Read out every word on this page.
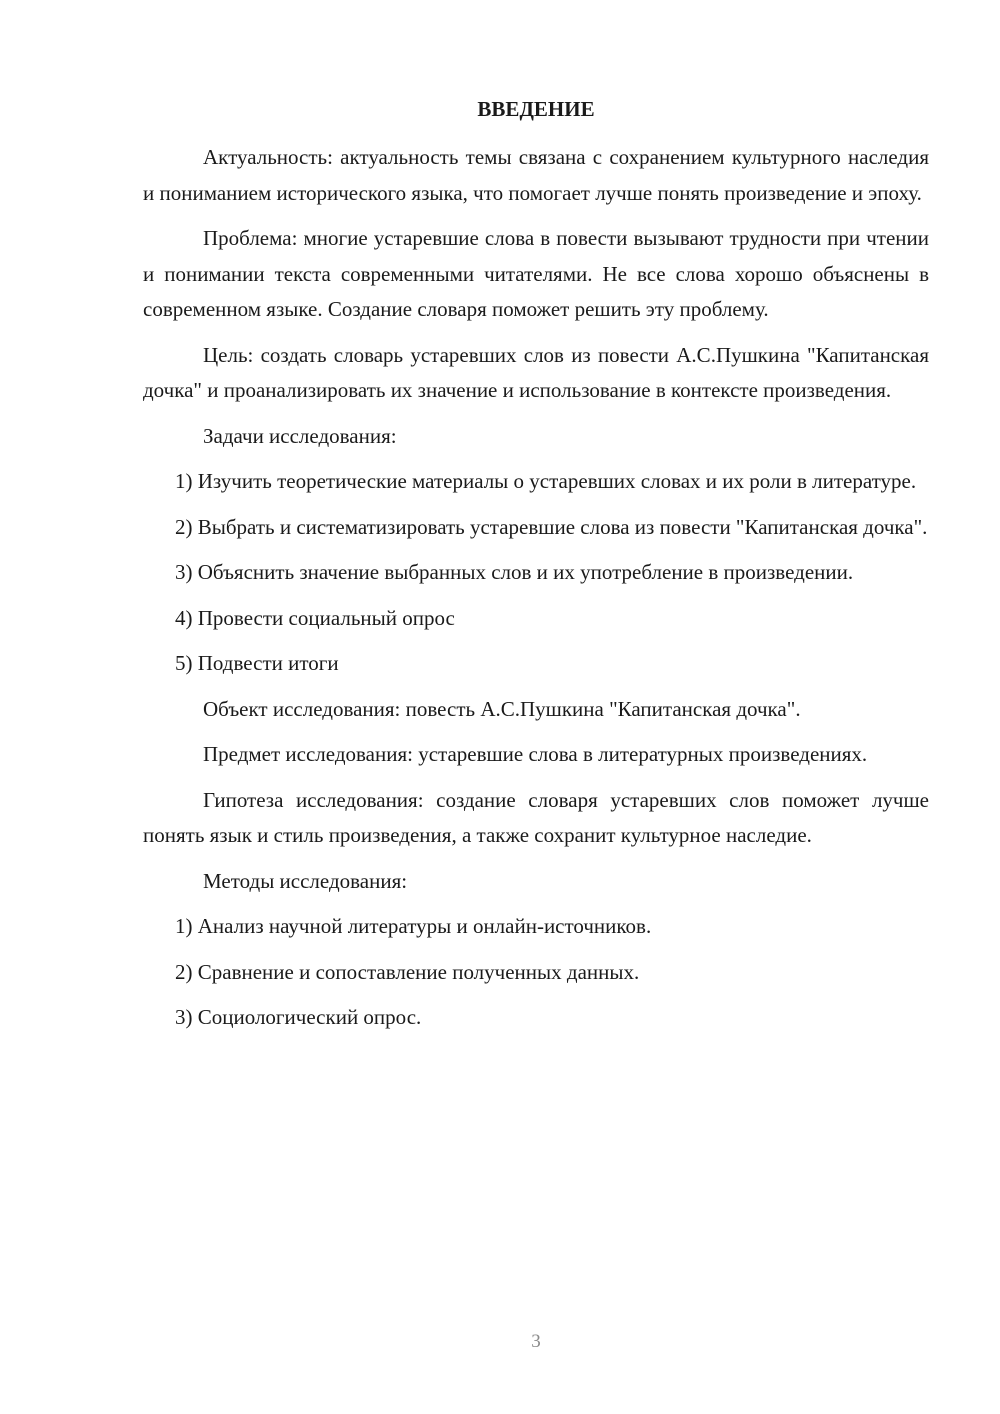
ВВЕДЕНИЕ

Актуальность: актуальность темы связана с сохранением культурного наследия и пониманием исторического языка, что помогает лучше понять произведение и эпоху.

Проблема: многие устаревшие слова в повести вызывают трудности при чтении и понимании текста современными читателями. Не все слова хорошо объяснены в современном языке. Создание словаря поможет решить эту проблему.

Цель: создать словарь устаревших слов из повести А.С.Пушкина "Капитанская дочка" и проанализировать их значение и использование в контексте произведения.

Задачи исследования:

1) Изучить теоретические материалы о устаревших словах и их роли в литературе.

2) Выбрать и систематизировать устаревшие слова из повести "Капитанская дочка".

3) Объяснить значение выбранных слов и их употребление в произведении.

4) Провести социальный опрос

5) Подвести итоги

Объект исследования: повесть А.С.Пушкина "Капитанская дочка".

Предмет исследования: устаревшие слова в литературных произведениях.

Гипотеза исследования: создание словаря устаревших слов поможет лучше понять язык и стиль произведения, а также сохранит культурное наследие.

Методы исследования:

1) Анализ научной литературы и онлайн-источников.

2) Сравнение и сопоставление полученных данных.

3) Социологический опрос.

3
